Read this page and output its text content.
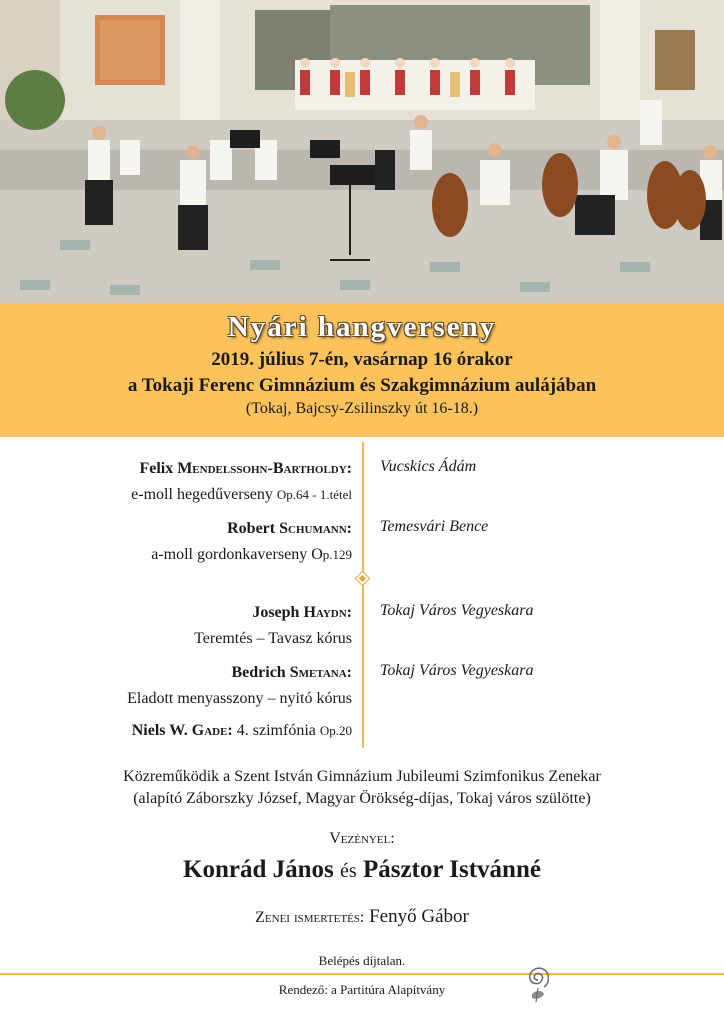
Nyári hangverseny
2019. július 7-én, vasárnap 16 órakor
a Tokaji Ferenc Gimnázium és Szakgimnázium aulájában
(Tokaj, Bajcsy-Zsilinszky út 16-18.)
Felix Mendelssohn-Bartholdy:
e-moll hegedűverseny Op.64 - 1.tétel
Vucskics Ádám
Robert Schumann:
a-moll gordonkaverseny Op.129
Temesvári Bence
Joseph Haydn:
Teremtés – Tavasz kórus
Tokaj Város Vegyeskara
Bedrich Smetana:
Eladott menyasszony – nyitó kórus
Tokaj Város Vegyeskara
Niels W. Gade: 4. szimfónia Op.20
Közreműködik a Szent István Gimnázium Jubileumi Szimfonikus Zenekar
(alapító Záborszky József, Magyar Örökség-díjas, Tokaj város szülötte)
Vezényel:
Konrád János és Pásztor Istvánné
Zenei ismertetés: Fenyő Gábor
Belépés díjtalan.
Rendező: a Partitúra Alapítvány
